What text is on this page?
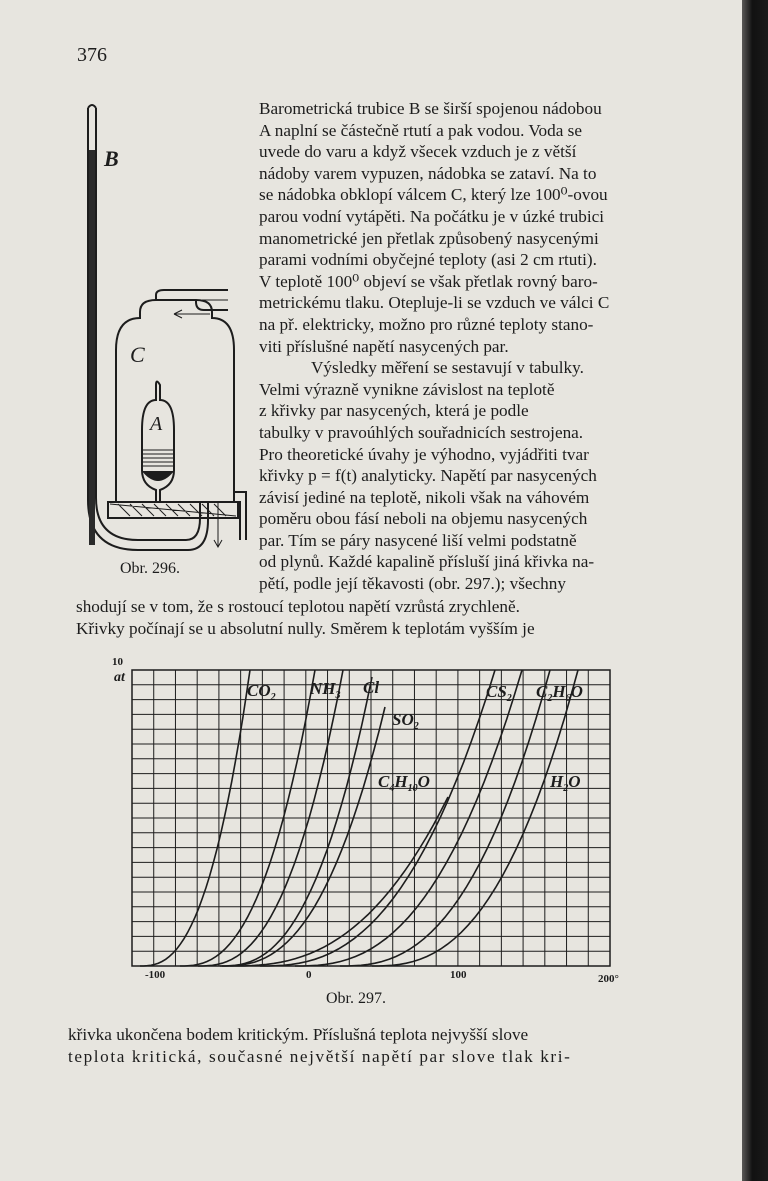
376
B
C
A
Obr. 296.
Barometrická trubice B se širší spojenou nádobou
A naplní se částečně rtutí a pak vodou. Voda se
uvede do varu a když všecek vzduch je z větší
nádoby varem vypuzen, nádobka se zataví. Na to
se nádobka obklopí válcem C, který lze 100⁰-ovou
parou vodní vytápěti. Na počátku je v úzké trubici
manometrické jen přetlak způsobený nasycenými
parami vodními obyčejné teploty (asi 2 cm rtuti).
V teplotě 100⁰ objeví se však přetlak rovný baro-
metrickému tlaku. Otepluje-li se vzduch ve válci C
na př. elektricky, možno pro různé teploty stano-
viti příslušné napětí nasycených par.
Výsledky měření se sestavují v tabulky.
Velmi výrazně vynikne závislost na teplotě
z křivky par nasycených, která je podle
tabulky v pravoúhlých souřadnicích sestrojena.
Pro theoretické úvahy je výhodno, vyjádřiti tvar
křivky p = f(t) analyticky. Napětí par nasycených
závisí jediné na teplotě, nikoli však na váhovém
poměru obou fásí neboli na objemu nasycených
par. Tím se páry nasycené liší velmi podstatně
od plynů. Každé kapalině přísluší jiná křivka na-
pětí, podle její těkavosti (obr. 297.); všechny
shodují se v tom, že s rostoucí teplotou napětí vzrůstá zrychleně.
Křivky počínají se u absolutní nully. Směrem k teplotám vyšším je
10
at
-100	0	100	200°
$CO_2$ $NH_3$ Cl
$SO_2$
$CS_2$ $C_2H_6O$
$C_4H_{10}O$	$H_2O$
Obr. 297.
křivka ukončena bodem kritickým. Příslušná teplota nejvyšší slove
teplota kritická, současné největší napětí par slove tlak kri-
